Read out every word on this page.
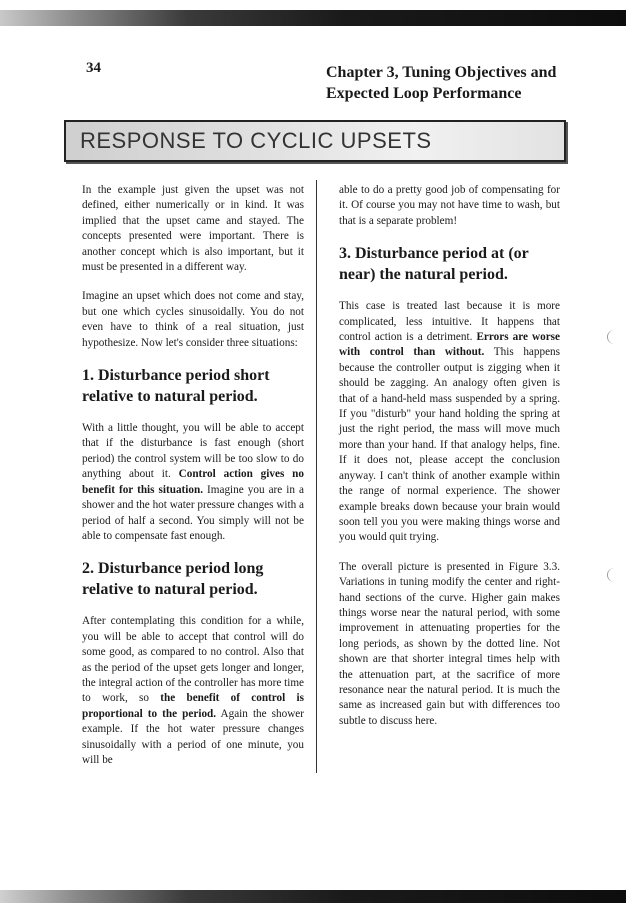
34	Chapter 3, Tuning Objectives and Expected Loop Performance
RESPONSE TO CYCLIC UPSETS

In the example just given the upset was not defined, either numerically or in kind. It was implied that the upset came and stayed. The concepts presented were important. There is another concept which is also important, but it must be presented in a different way.

Imagine an upset which does not come and stay, but one which cycles sinusoidally. You do not even have to think of a real situation, just hypothesize. Now let's consider three situations:

1. Disturbance period short relative to natural period.

With a little thought, you will be able to accept that if the disturbance is fast enough (short period) the control system will be too slow to do anything about it. Control action gives no benefit for this situation. Imagine you are in a shower and the hot water pressure changes with a period of half a second. You simply will not be able to compensate fast enough.

2. Disturbance period long relative to natural period.

After contemplating this condition for a while, you will be able to accept that control will do some good, as compared to no control. Also that as the period of the upset gets longer and longer, the integral action of the controller has more time to work, so the benefit of control is proportional to the period. Again the shower example. If the hot water pressure changes sinusoidally with a period of one minute, you will be

able to do a pretty good job of compensating for it. Of course you may not have time to wash, but that is a separate problem!

3. Disturbance period at (or near) the natural period.

This case is treated last because it is more complicated, less intuitive. It happens that control action is a detriment. Errors are worse with control than without. This happens because the controller output is zigging when it should be zagging. An analogy often given is that of a hand-held mass suspended by a spring. If you "disturb" your hand holding the spring at just the right period, the mass will move much more than your hand. If that analogy helps, fine. If it does not, please accept the conclusion anyway. I can't think of another example within the range of normal experience. The shower example breaks down because your brain would soon tell you you were making things worse and you would quit trying.

The overall picture is presented in Figure 3.3. Variations in tuning modify the center and right-hand sections of the curve. Higher gain makes things worse near the natural period, with some improvement in attenuating properties for the long periods, as shown by the dotted line. Not shown are that shorter integral times help with the attenuation part, at the sacrifice of more resonance near the natural period. It is much the same as increased gain but with differences too subtle to discuss here.
